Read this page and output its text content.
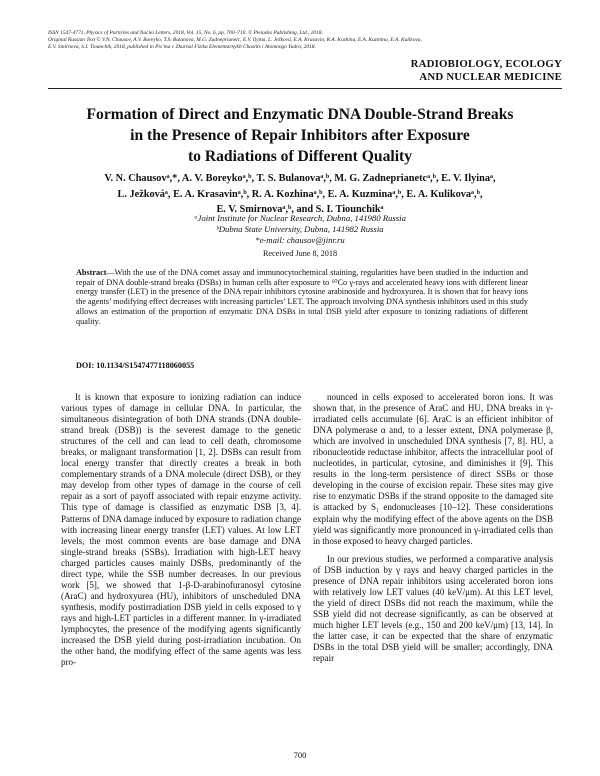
ISSN 1547-4771, Physics of Particles and Nuclei Letters, 2018, Vol. 15, No. 6, pp. 700–710. © Pleiades Publishing, Ltd., 2018.
Original Russian Text © V.N. Chausov, A.V. Boreyko, T.S. Bulanova, M.G. Zadneprianetc, E.V. Ilyina, L. Ježková, E.A. Krasavin, R.A. Kozhina, E.A. Kuzmina, E.A. Kulikova,
E.V. Smirnova, S.I. Tiounchik, 2018, published in Pis’ma v Zhurnal Fizika Elementarnykh Chastits i Atomnogo Yadra, 2018.
RADIOBIOLOGY, ECOLOGY
AND NUCLEAR MEDICINE
Formation of Direct and Enzymatic DNA Double-Strand Breaks
in the Presence of Repair Inhibitors after Exposure
to Radiations of Different Quality
V. N. Chausovᵃ,*, A. V. Boreykoᵃ,ᵇ, T. S. Bulanovaᵃ,ᵇ, M. G. Zadneprianetcᵃ,ᵇ, E. V. Ilyinaᵃ,
L. Ježkováᵃ, E. A. Krasavinᵃ,ᵇ, R. A. Kozhinaᵃ,ᵇ, E. A. Kuzminaᵃ,ᵇ, E. A. Kulikovaᵃ,ᵇ,
E. V. Smirnovaᵃ,ᵇ, and S. I. Tiounchikᵃ
ᵃJoint Institute for Nuclear Research, Dubna, 141980 Russia
ᵇDubna State University, Dubna, 141982 Russia
*e-mail: chausov@jinr.ru
Received June 8, 2018
Abstract—With the use of the DNA comet assay and immunocytochemical staining, regularities have been studied in the induction and repair of DNA double-strand breaks (DSBs) in human cells after exposure to ⁶⁰Co γ-rays and accelerated heavy ions with different linear energy transfer (LET) in the presence of the DNA repair inhibitors cytosine arabinoside and hydroxyurea. It is shown that for heavy ions the agents’ modifying effect decreases with increasing particles’ LET. The approach involving DNA synthesis inhibitors used in this study allows an estimation of the proportion of enzymatic DNA DSBs in total DSB yield after exposure to ionizing radiations of different quality.
DOI: 10.1134/S1547477118060055

It is known that exposure to ionizing radiation can induce various types of damage in cellular DNA. In particular, the simultaneous disintegration of both DNA strands (DNA double-strand break (DSB)) is the severest damage to the genetic structures of the cell and can lead to cell death, chromosome breaks, or malignant transformation [1, 2]. DSBs can result from local energy transfer that directly creates a break in both complementary strands of a DNA molecule (direct DSB), or they may develop from other types of damage in the course of cell repair as a sort of payoff associated with repair enzyme activity. This type of damage is classified as enzymatic DSB [3, 4]. Patterns of DNA damage induced by exposure to radiation change with increasing linear energy transfer (LET) values. At low LET levels, the most common events are base damage and DNA single-strand breaks (SSBs). Irradiation with high-LET heavy charged particles causes mainly DSBs, predominantly of the direct type, while the SSB number decreases. In our previous work [5], we showed that 1-β-D-arabinofuranosyl cytosine (AraC) and hydroxyurea (HU), inhibitors of unscheduled DNA synthesis, modify postirradiation DSB yield in cells exposed to γ rays and high-LET particles in a different manner. In γ-irradiated lymphocytes, the presence of the modifying agents significantly increased the DSB yield during post-irradiation incubation. On the other hand, the modifying effect of the same agents was less pro-

nounced in cells exposed to accelerated boron ions. It was shown that, in the presence of AraC and HU, DNA breaks in γ-irradiated cells accumulate [6]. AraC is an efficient inhibitor of DNA polymerase α and, to a lesser extent, DNA polymerase β, which are involved in unscheduled DNA synthesis [7, 8]. HU, a ribonucleotide reductase inhibitor, affects the intracellular pool of nucleotides, in particular, cytosine, and diminishes it [9]. This results in the long-term persistence of direct SSBs or those developing in the course of excision repair. These sites may give rise to enzymatic DSBs if the strand opposite to the damaged site is attacked by S₁ endonucleases [10–12]. These considerations explain why the modifying effect of the above agents on the DSB yield was significantly more pronounced in γ-irradiated cells than in those exposed to heavy charged particles.

In our previous studies, we performed a comparative analysis of DSB induction by γ rays and heavy charged particles in the presence of DNA repair inhibitors using accelerated boron ions with relatively low LET values (40 keV/μm). At this LET level, the yield of direct DSBs did not reach the maximum, while the SSB yield did not decrease significantly, as can be observed at much higher LET levels (e.g., 150 and 200 keV/μm) [13, 14]. In the latter case, it can be expected that the share of enzymatic DSBs in the total DSB yield will be smaller; accordingly, DNA repair

700
